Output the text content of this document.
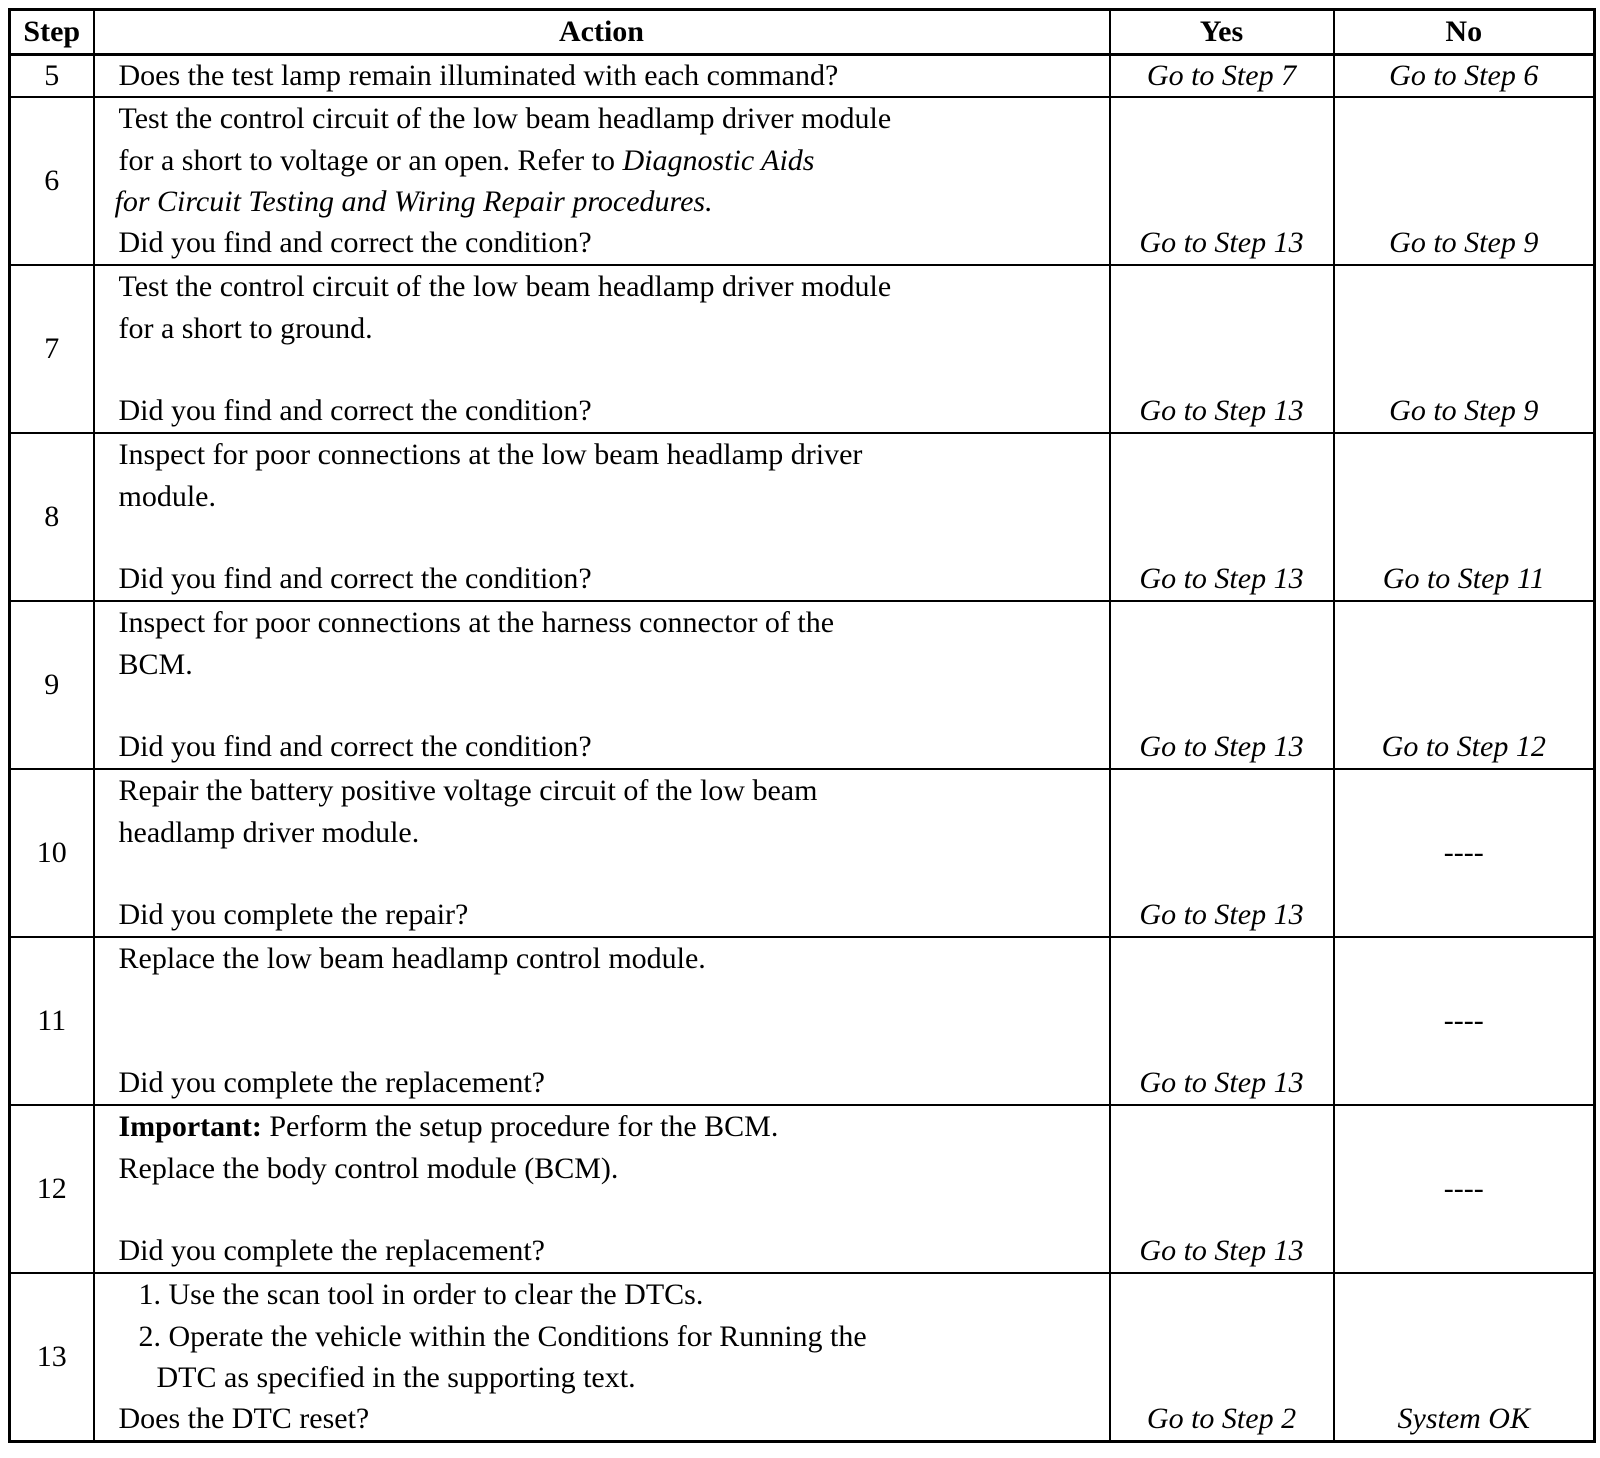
Step	Action	Yes	No
5	Does the test lamp remain illuminated with each command?	Go to Step 7	Go to Step 6
6	Test the control circuit of the low beam headlamp driver module
for a short to voltage or an open. Refer to Diagnostic Aids
for Circuit Testing and Wiring Repair procedures.
Did you find and correct the condition?	Go to Step 13	Go to Step 9

7	Test the control circuit of the low beam headlamp driver module
for a short to ground.
Did you find and correct the condition?	Go to Step 13	Go to Step 9

8	Inspect for poor connections at the low beam headlamp driver
module.
Did you find and correct the condition?	Go to Step 13	Go to Step 11

9	Inspect for poor connections at the harness connector of the
BCM.
Did you find and correct the condition?	Go to Step 13	Go to Step 12

10	Repair the battery positive voltage circuit of the low beam
headlamp driver module.
Did you complete the repair?	Go to Step 13	----
11	Replace the low beam headlamp control module.
Did you complete the replacement?	Go to Step 13	----
12	Important: Perform the setup procedure for the BCM.
Replace the body control module (BCM).
Did you complete the replacement?	Go to Step 13	----
13	1. Use the scan tool in order to clear the DTCs.
2. Operate the vehicle within the Conditions for Running the
DTC as specified in the supporting text.
Does the DTC reset?	Go to Step 2	System OK
